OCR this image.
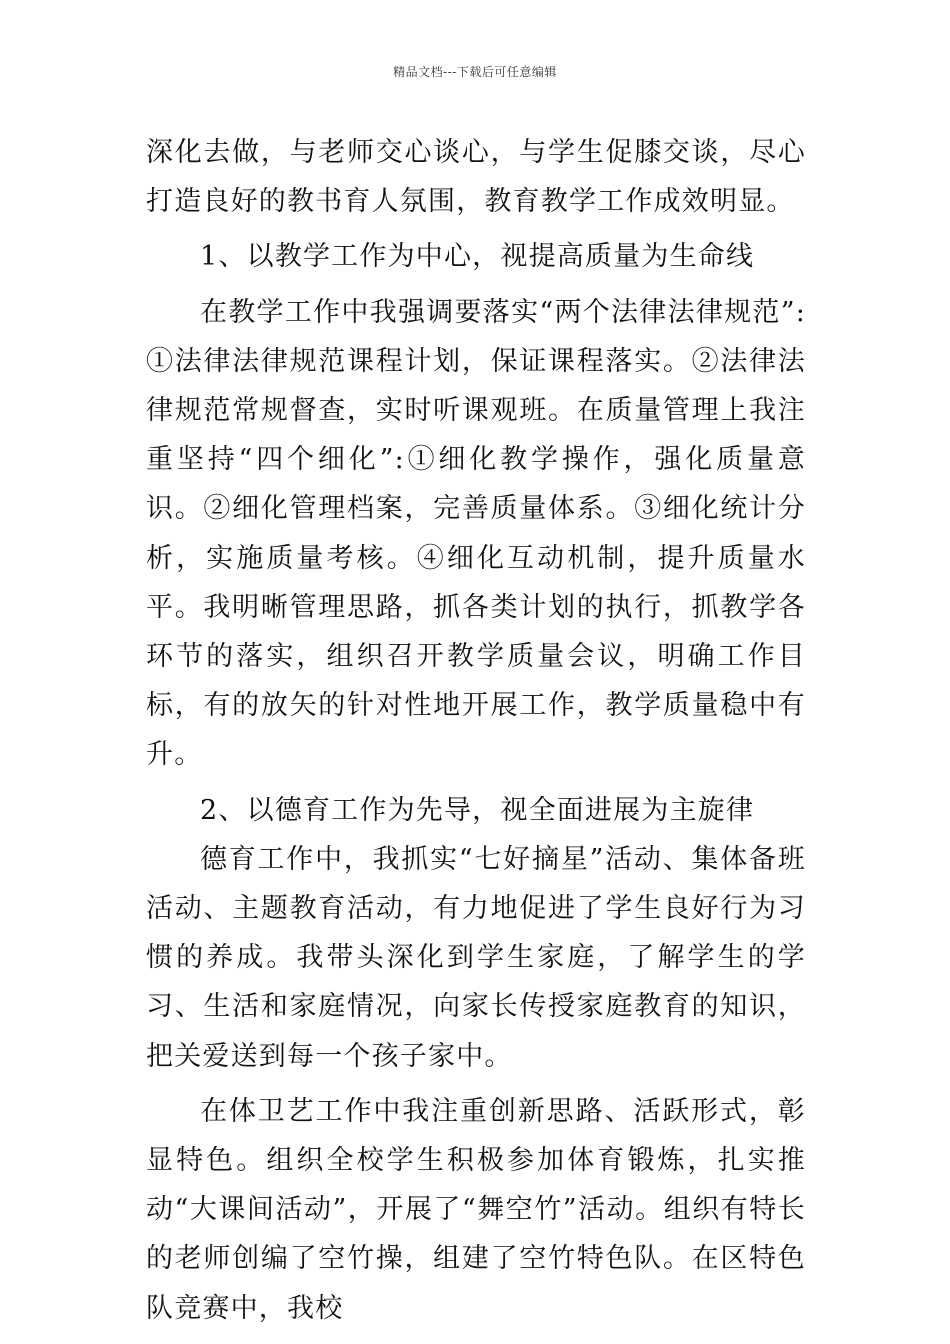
精品文档---下载后可任意编辑

深化去做，与老师交心谈心，与学生促膝交谈，尽心打造良好的教书育人氛围，教育教学工作成效明显。

1、以教学工作为中心，视提高质量为生命线

在教学工作中我强调要落实“两个法律法律规范”:①法律法律规范课程计划，保证课程落实。②法律法律规范常规督查，实时听课观班。在质量管理上我注重坚持“四个细化”:①细化教学操作，强化质量意识。②细化管理档案，完善质量体系。③细化统计分析，实施质量考核。④细化互动机制，提升质量水平。我明晰管理思路，抓各类计划的执行，抓教学各环节的落实，组织召开教学质量会议，明确工作目标，有的放矢的针对性地开展工作，教学质量稳中有升。

2、以德育工作为先导，视全面进展为主旋律

德育工作中，我抓实“七好摘星”活动、集体备班活动、主题教育活动，有力地促进了学生良好行为习惯的养成。我带头深化到学生家庭，了解学生的学习、生活和家庭情况，向家长传授家庭教育的知识，把关爱送到每一个孩子家中。

在体卫艺工作中我注重创新思路、活跃形式，彰显特色。组织全校学生积极参加体育锻炼，扎实推动“大课间活动”，开展了“舞空竹”活动。组织有特长的老师创编了空竹操，组建了空竹特色队。在区特色队竞赛中，我校
